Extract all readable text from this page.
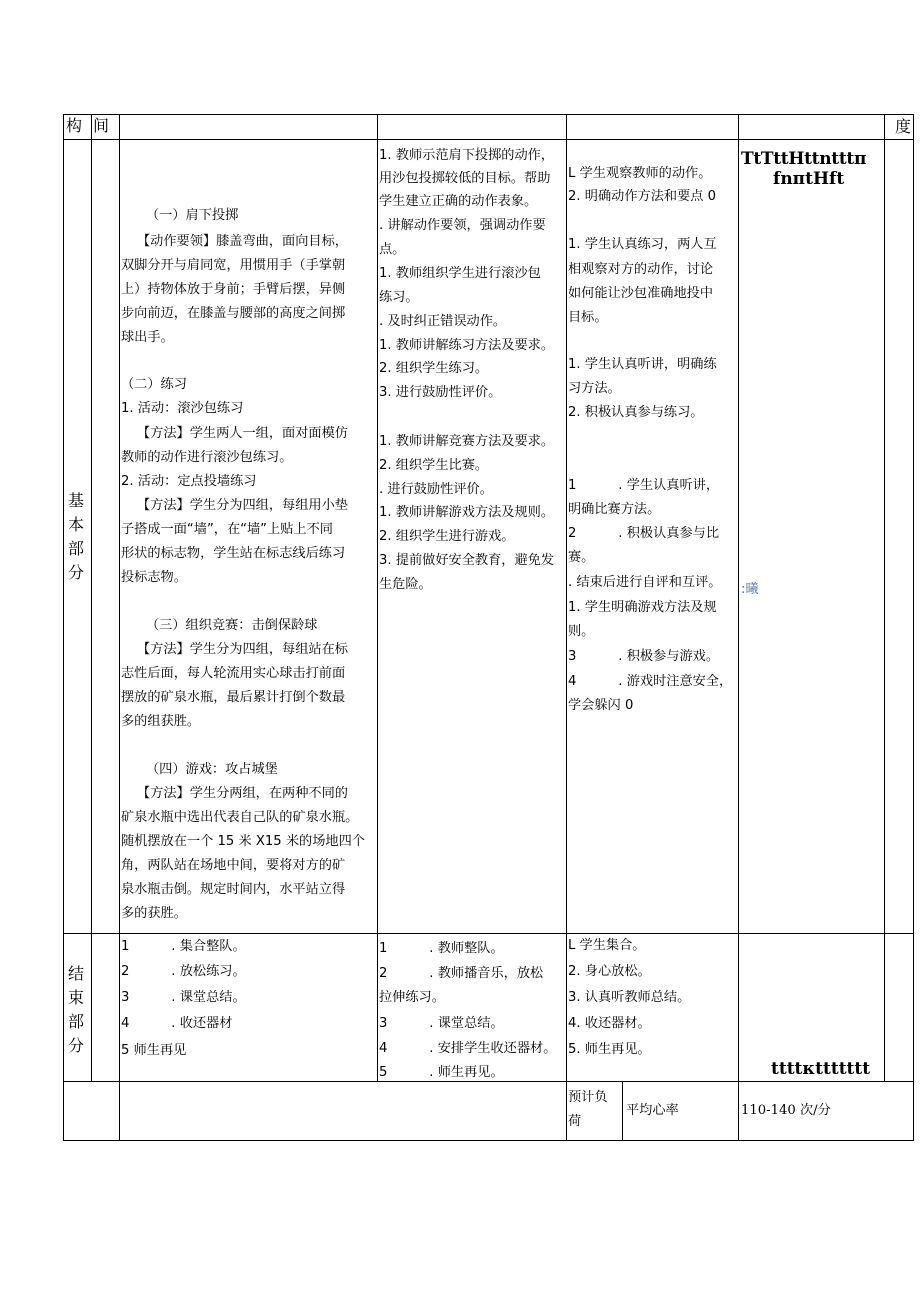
构 间	度
基
本
部
分
结
束
部
分
（一）肩下投掷
【动作要领】膝盖弯曲，面向目标，
双脚分开与肩同宽，用惯用手（手掌朝
上）持物体放于身前；手臂后摆，异侧
步向前迈，在膝盖与腰部的高度之间掷
球出手。
（二）练习
1. 活动：滚沙包练习
【方法】学生两人一组，面对面模仿
教师的动作进行滚沙包练习。
2. 活动：定点投墙练习
【方法】学生分为四组，每组用小垫
子搭成一面“墙”，在“墙”上贴上不同
形状的标志物，学生站在标志线后练习
投标志物。
（三）组织竞赛：击倒保龄球
【方法】学生分为四组，每组站在标
志性后面，每人轮流用实心球击打前面
摆放的矿泉水瓶，最后累计打倒个数最
多的组获胜。
（四）游戏：攻占城堡
【方法】学生分两组，在两种不同的
矿泉水瓶中选出代表自己队的矿泉水瓶。
随机摆放在一个 15 米 X15 米的场地四个
角，两队站在场地中间，要将对方的矿
泉水瓶击倒。规定时间内，水平站立得
多的获胜。
1. 教师示范肩下投掷的动作，
用沙包投掷较低的目标。帮助
学生建立正确的动作表象。
. 讲解动作要领，强调动作要
点。
1. 教师组织学生进行滚沙包
练习。
. 及时纠正错误动作。
1. 教师讲解练习方法及要求。
2. 组织学生练习。
3. 进行鼓励性评价。
1. 教师讲解竞赛方法及要求。
2. 组织学生比赛。
. 进行鼓励性评价。
1. 教师讲解游戏方法及规则。
2. 组织学生进行游戏。
3. 提前做好安全教育，避免发
生危险。
L 学生观察教师的动作。
2. 明确动作方法和要点 0
1. 学生认真练习，两人互
相观察对方的动作，讨论
如何能让沙包准确地投中
目标。
1. 学生认真听讲，明确练
习方法。
2. 积极认真参与练习。
1          . 学生认真听讲，
明确比赛方法。
2          . 积极认真参与比
赛。
. 结束后进行自评和互评。
1. 学生明确游戏方法及规
则。
3          . 积极参与游戏。
4          . 游戏时注意安全，
学会躲闪 0
TtTttHttntttπ
fnπtHft
:曦
1          . 集合整队。
2          . 放松练习。
3          . 课堂总结。
4          . 收还器材
5 师生再见
1          . 教师整队。
2          . 教师播音乐，放松
拉伸练习。
3          . 课堂总结。
4          . 安排学生收还器材。
5          . 师生再见。
L 学生集合。
2. 身心放松。
3. 认真听教师总结。
4. 收还器材。
5. 师生再见。
ttttκttttttt
预计负
荷
平均心率	110-140 次/分
